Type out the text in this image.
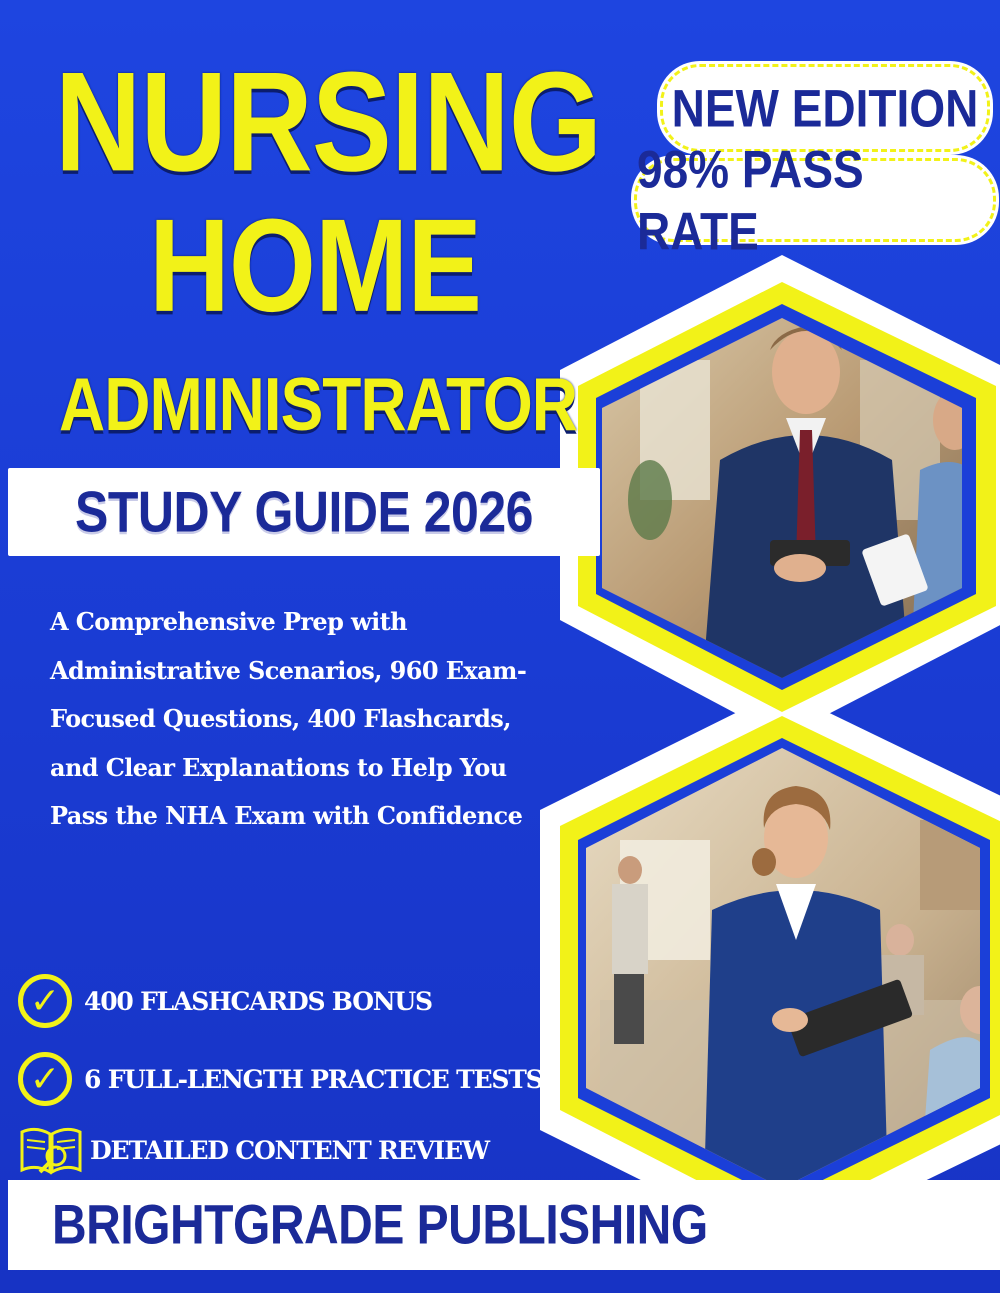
NURSING
HOME
ADMINISTRATOR
STUDY GUIDE 2026
NEW EDITION
98% PASS RATE
A Comprehensive Prep with Administrative Scenarios, 960 Exam-Focused Questions, 400 Flashcards, and Clear Explanations to Help You Pass the NHA Exam with Confidence
✓ 400 FLASHCARDS BONUS
✓ 6 FULL-LENGTH PRACTICE TESTS
DETAILED CONTENT REVIEW
BRIGHTGRADE PUBLISHING
